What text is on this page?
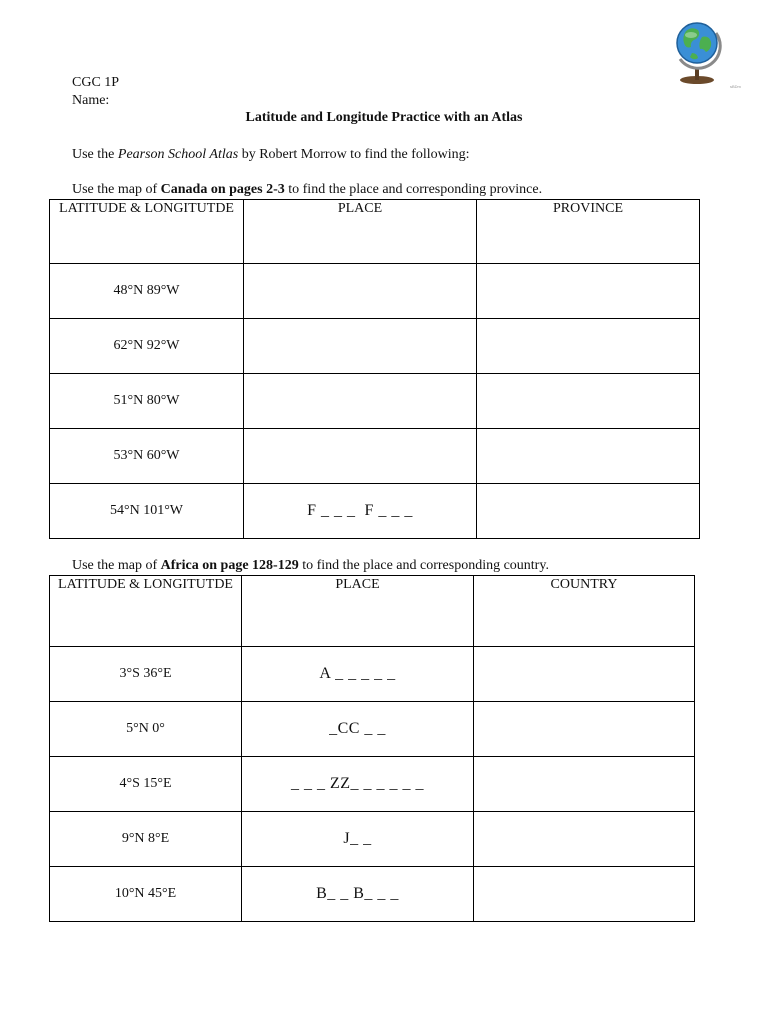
sBDm
CGC 1P
Name:
Latitude and Longitude Practice with an Atlas
Use the Pearson School Atlas by Robert Morrow to find the following:
Use the map of Canada on pages 2-3 to find the place and corresponding province.
LATITUDE & LONGITUTDE	PLACE	PROVINCE
48°N 89°W		
62°N 92°W		
51°N 80°W		
53°N 60°W		
54°N 101°W	F _ _ _  F _ _ _	
Use the map of Africa on page 128-129 to find the place and corresponding country.
LATITUDE & LONGITUTDE	PLACE	COUNTRY
3°S 36°E	A _ _ _ _ _	
5°N 0°	_CC _ _	
4°S 15°E	_ _ _ ZZ_ _ _ _ _ _	
9°N 8°E	J_ _	
10°N 45°E	B_ _ B_ _ _	
